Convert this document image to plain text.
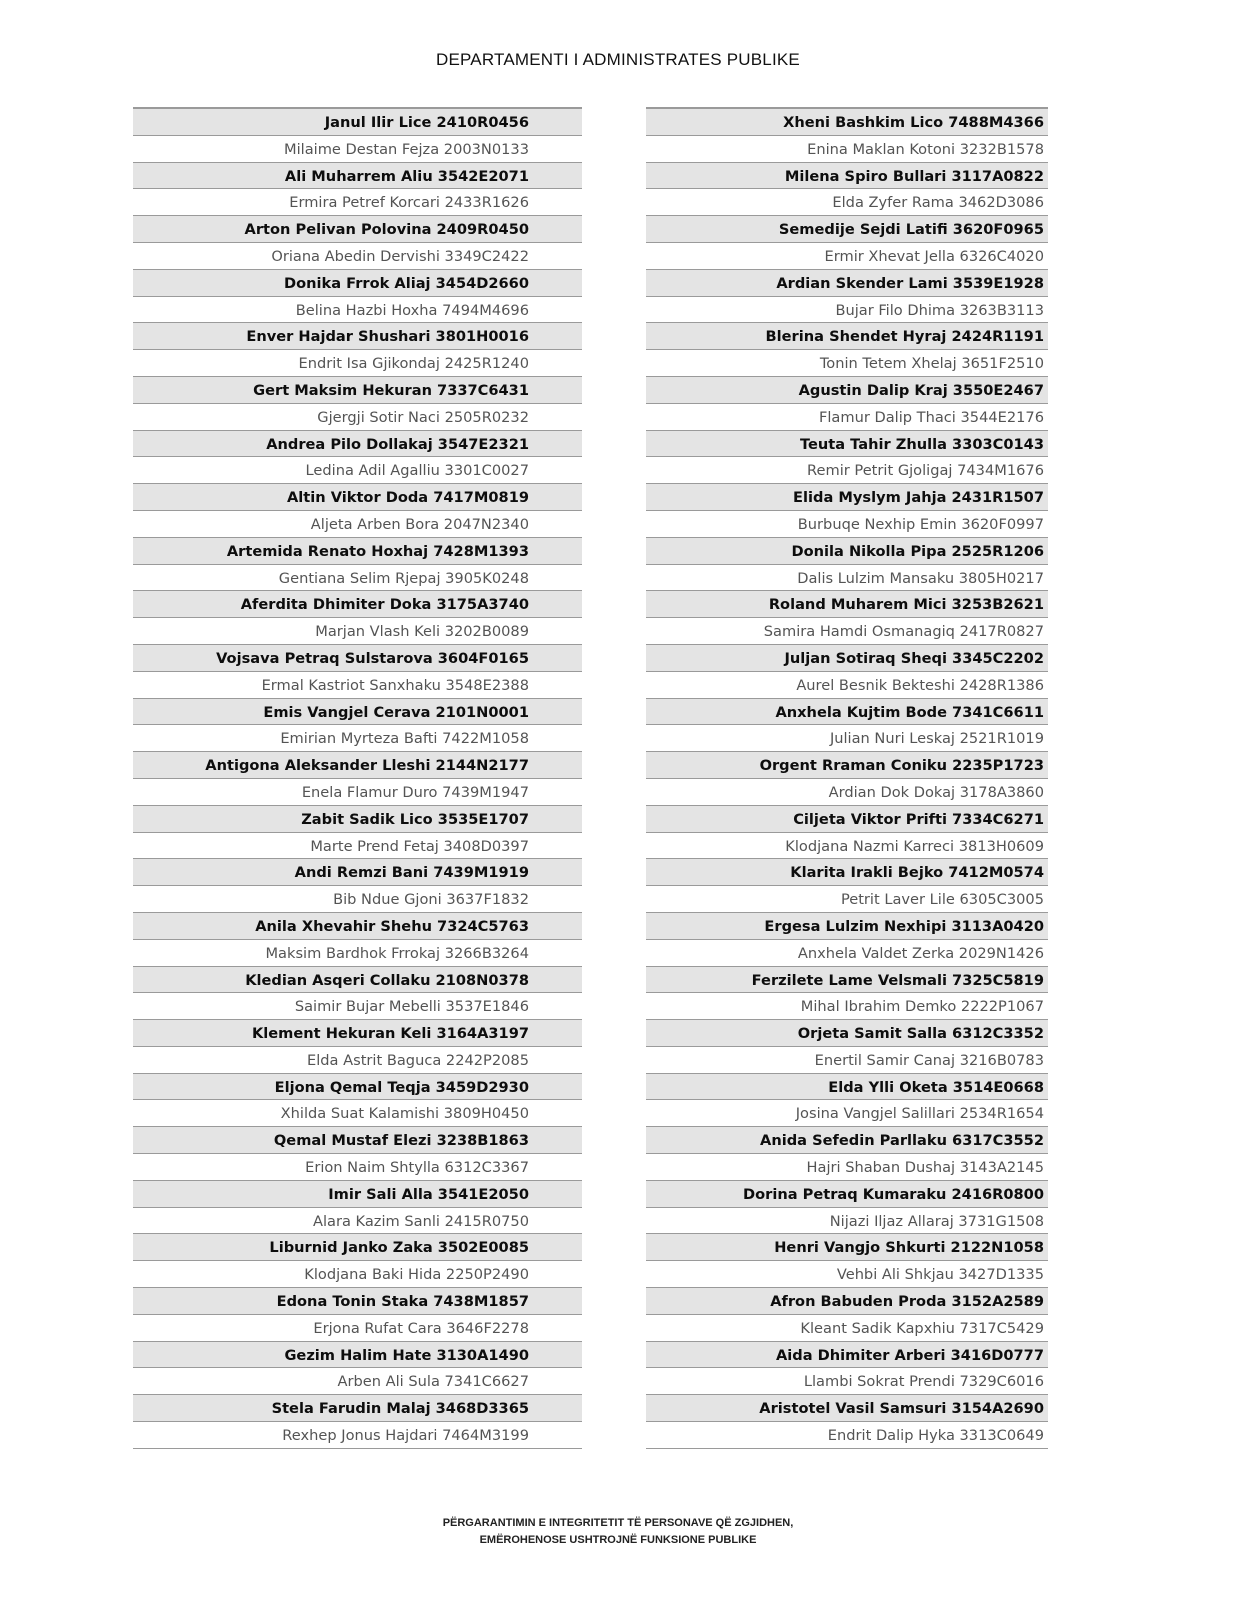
DEPARTAMENTI I ADMINISTRATES PUBLIKE
Janul Ilir Lice 2410R0456
Milaime Destan Fejza 2003N0133
Ali Muharrem Aliu 3542E2071
Ermira Petref Korcari 2433R1626
Arton Pelivan Polovina 2409R0450
Oriana Abedin Dervishi 3349C2422
Donika Frrok Aliaj 3454D2660
Belina Hazbi Hoxha 7494M4696
Enver Hajdar Shushari 3801H0016
Endrit Isa Gjikondaj 2425R1240
Gert Maksim Hekuran 7337C6431
Gjergji Sotir Naci 2505R0232
Andrea Pilo Dollakaj 3547E2321
Ledina Adil Agalliu 3301C0027
Altin Viktor Doda 7417M0819
Aljeta Arben Bora 2047N2340
Artemida Renato Hoxhaj 7428M1393
Gentiana Selim Rjepaj 3905K0248
Aferdita Dhimiter Doka 3175A3740
Marjan Vlash Keli 3202B0089
Vojsava Petraq Sulstarova 3604F0165
Ermal Kastriot Sanxhaku 3548E2388
Emis Vangjel Cerava 2101N0001
Emirian Myrteza Bafti 7422M1058
Antigona Aleksander Lleshi 2144N2177
Enela Flamur Duro 7439M1947
Zabit Sadik Lico 3535E1707
Marte Prend Fetaj 3408D0397
Andi Remzi Bani 7439M1919
Bib Ndue Gjoni 3637F1832
Anila Xhevahir Shehu 7324C5763
Maksim Bardhok Frrokaj 3266B3264
Kledian Asqeri Collaku 2108N0378
Saimir Bujar Mebelli 3537E1846
Klement Hekuran Keli 3164A3197
Elda Astrit Baguca 2242P2085
Eljona Qemal Teqja 3459D2930
Xhilda Suat Kalamishi 3809H0450
Qemal Mustaf Elezi 3238B1863
Erion Naim Shtylla 6312C3367
Imir Sali Alla 3541E2050
Alara Kazim Sanli 2415R0750
Liburnid Janko Zaka 3502E0085
Klodjana Baki Hida 2250P2490
Edona Tonin Staka 7438M1857
Erjona Rufat Cara 3646F2278
Gezim Halim Hate 3130A1490
Arben Ali Sula 7341C6627
Stela Farudin Malaj 3468D3365
Rexhep Jonus Hajdari 7464M3199
Xheni Bashkim Lico 7488M4366
Enina Maklan Kotoni 3232B1578
Milena Spiro Bullari 3117A0822
Elda Zyfer Rama 3462D3086
Semedije Sejdi Latifi 3620F0965
Ermir Xhevat Jella 6326C4020
Ardian Skender Lami 3539E1928
Bujar Filo Dhima 3263B3113
Blerina Shendet Hyraj 2424R1191
Tonin Tetem Xhelaj 3651F2510
Agustin Dalip Kraj 3550E2467
Flamur Dalip Thaci 3544E2176
Teuta Tahir Zhulla 3303C0143
Remir Petrit Gjoligaj 7434M1676
Elida Myslym Jahja 2431R1507
Burbuqe Nexhip Emin 3620F0997
Donila Nikolla Pipa 2525R1206
Dalis Lulzim Mansaku 3805H0217
Roland Muharem Mici 3253B2621
Samira Hamdi Osmanagiq 2417R0827
Juljan Sotiraq Sheqi 3345C2202
Aurel Besnik Bekteshi 2428R1386
Anxhela Kujtim Bode 7341C6611
Julian Nuri Leskaj 2521R1019
Orgent Rraman Coniku 2235P1723
Ardian Dok Dokaj 3178A3860
Ciljeta Viktor Prifti 7334C6271
Klodjana Nazmi Karreci 3813H0609
Klarita Irakli Bejko 7412M0574
Petrit Laver Lile 6305C3005
Ergesa Lulzim Nexhipi 3113A0420
Anxhela Valdet Zerka 2029N1426
Ferzilete Lame Velsmali 7325C5819
Mihal Ibrahim Demko 2222P1067
Orjeta Samit Salla 6312C3352
Enertil Samir Canaj 3216B0783
Elda Ylli Oketa 3514E0668
Josina Vangjel Salillari 2534R1654
Anida Sefedin Parllaku 6317C3552
Hajri Shaban Dushaj 3143A2145
Dorina Petraq Kumaraku 2416R0800
Nijazi Iljaz Allaraj 3731G1508
Henri Vangjo Shkurti 2122N1058
Vehbi Ali Shkjau 3427D1335
Afron Babuden Proda 3152A2589
Kleant Sadik Kapxhiu 7317C5429
Aida Dhimiter Arberi 3416D0777
Llambi Sokrat Prendi 7329C6016
Aristotel Vasil Samsuri 3154A2690
Endrit Dalip Hyka 3313C0649
PËRGARANTIMIN E INTEGRITETIT TË PERSONAVE QË ZGJIDHEN,
EMËROHENOSE USHTROJNË FUNKSIONE PUBLIKE
